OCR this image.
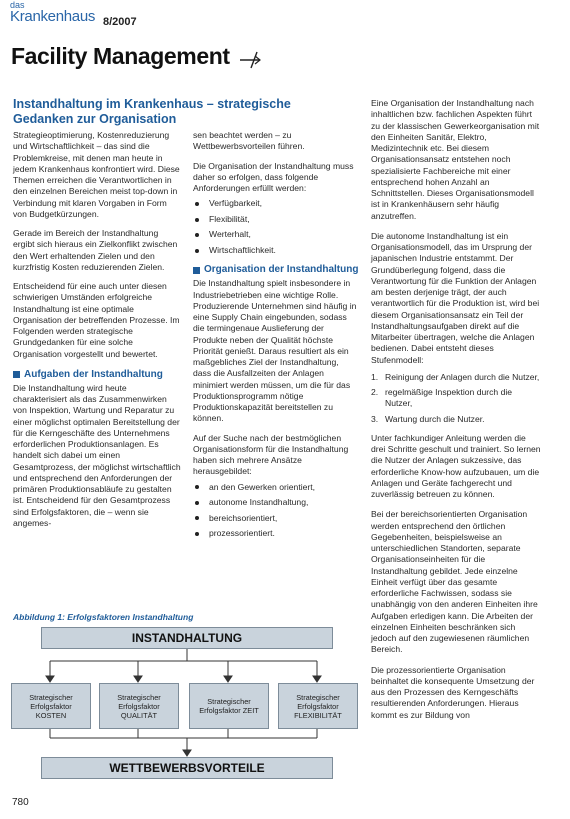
das
Krankenhaus 8/2007
Facility Management
Instandhaltung im Krankenhaus – strategische Gedanken zur Organisation

Strategieoptimierung, Kostenreduzierung und Wirtschaftlichkeit – das sind die Problemkreise, mit denen man heute in jedem Krankenhaus konfrontiert wird. Diese Themen erreichen die Verantwortlichen in den einzelnen Bereichen meist top-down in Verbindung mit klaren Vorgaben in Form von Budgetkürzungen.

Gerade im Bereich der Instandhaltung ergibt sich hieraus ein Zielkonflikt zwischen den Wert erhaltenden Zielen und den kurzfristig Kosten reduzierenden Zielen.

Entscheidend für eine auch unter diesen schwierigen Umständen erfolgreiche Instandhaltung ist eine optimale Organisation der betreffenden Prozesse. Im Folgenden werden strategische Grundgedanken für eine solche Organisation vorgestellt und bewertet.

Aufgaben der Instandhaltung

Die Instandhaltung wird heute charakterisiert als das Zusammenwirken von Inspektion, Wartung und Reparatur zu einer möglichst optimalen Bereitstellung der für die Kerngeschäfte des Unternehmens erforderlichen Produktionsanlagen. Es handelt sich dabei um einen Gesamtprozess, der möglichst wirtschaftlich und entsprechend den Anforderungen der primären Produktionsabläufe zu gestalten ist. Entscheidend für den Gesamtprozess sind Erfolgsfaktoren, die – wenn sie angemes-

sen beachtet werden – zu Wettbewerbsvorteilen führen.

Die Organisation der Instandhaltung muss daher so erfolgen, dass folgende Anforderungen erfüllt werden:

Verfügbarkeit,
Flexibilität,
Werterhalt,
Wirtschaftlichkeit.
Organisation der Instandhaltung

Die Instandhaltung spielt insbesondere in Industriebetrieben eine wichtige Rolle. Produzierende Unternehmen sind häufig in eine Supply Chain eingebunden, sodass die termingenaue Auslieferung der Produkte neben der Qualität höchste Priorität genießt. Daraus resultiert als ein maßgebliches Ziel der Instandhaltung, dass die Ausfallzeiten der Anlagen minimiert werden müssen, um die für das Produktionsprogramm nötige Produktionskapazität bereitstellen zu können.

Auf der Suche nach der bestmöglichen Organisationsform für die Instandhaltung haben sich mehrere Ansätze herausgebildet:

an den Gewerken orientiert,
autonome Instandhaltung,
bereichsorientiert,
prozessorientiert.

Eine Organisation der Instandhaltung nach inhaltlichen bzw. fachlichen Aspekten führt zu der klassischen Gewerkeorganisation mit den Einheiten Sanitär, Elektro, Medizintechnik etc. Bei diesem Organisationsansatz entstehen noch spezialisierte Fachbereiche mit einer entsprechend hohen Anzahl an Schnittstellen. Dieses Organisationsmodell ist in Krankenhäusern sehr häufig anzutreffen.

Die autonome Instandhaltung ist ein Organisationsmodell, das im Ursprung der japanischen Industrie entstammt. Der Grundüberlegung folgend, dass die Verantwortung für die Funktion der Anlagen am besten derjenige trägt, der auch verantwortlich für die Produktion ist, wird bei diesem Organisationsansatz ein Teil der Instandhaltungsaufgaben direkt auf die Mitarbeiter übertragen, welche die Anlagen bedienen. Dabei entsteht dieses Stufenmodell:

1. Reinigung der Anlagen durch die Nutzer,
2. regelmäßige Inspektion durch die Nutzer,
3. Wartung durch die Nutzer.

Unter fachkundiger Anleitung werden die drei Schritte geschult und trainiert. So lernen die Nutzer der Anlagen sukzessive, das erforderliche Know-how aufzubauen, um die Anlagen und Geräte fachgerecht und zuverlässig betreuen zu können.

Bei der bereichsorientierten Organisation werden entsprechend den örtlichen Gegebenheiten, beispielsweise an unterschiedlichen Standorten, separate Organisationseinheiten für die Instandhaltung gebildet. Jede einzelne Einheit verfügt über das gesamte erforderliche Fachwissen, sodass sie unabhängig von den anderen Einheiten ihre Aufgaben erledigen kann. Die Arbeiten der einzelnen Einheiten beschränken sich jedoch auf den zugewiesenen räumlichen Bereich.

Die prozessorientierte Organisation beinhaltet die konsequente Umsetzung der aus den Prozessen des Kerngeschäfts resultierenden Anforderungen. Hieraus kommt es zur Bildung von

Abbildung 1: Erfolgsfaktoren Instandhaltung
INSTANDHALTUNG
Strategischer
Erfolgsfaktor
KOSTEN
Strategischer
Erfolgsfaktor
QUALITÄT
Strategischer
Erfolgsfaktor ZEIT
Strategischer
Erfolgsfaktor
FLEXIBILITÄT
WETTBEWERBSVORTEILE
780
